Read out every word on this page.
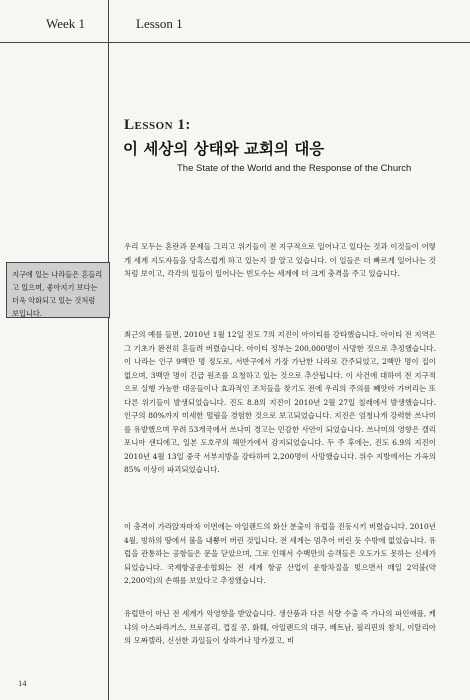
Week 1	Lesson 1
Lesson 1:
이 세상의 상태와 교회의 대응
The State of the World and the Response of the Church
지구에 있는 나라들은 흔들리고 있으며, 좋아지기 보다는 더욱 악화되고 있는 것처럼 보입니다.

우리 모두는 혼란과 문제들 그리고 위기들이 전 지구적으로 일어나고 있다는 것과 이것들이 어떻게 세계 지도자들을 당혹스럽게 하고 있는지 잘 알고 있습니다. 이 일들은 더 빠르게 일어나는 것처럼 보이고, 각각의 일들이 일어나는 빈도수는 세계에 더 크게 충격을 주고 있습니다.

최근의 예를 들면, 2010년 1월 12일 진도 7의 지진이 아이티를 강타했습니다. 아이티 전 지역은 그 기초가 완전히 흔들려 버렸습니다. 아이티 정부는 200,000명이 사망한 것으로 추정했습니다. 이 나라는 인구 9백만 명 정도로, 서반구에서 가장 가난한 나라로 간주되었고, 2백만 명이 집이 없으며, 3백만 명이 긴급 원조를 요청하고 있는 것으로 추산됩니다. 이 사건에 대하여 전 지구적으로 실행 가능한 대응들이나 효과적인 조치들을 찾기도 전에 우리의 주의를 빼앗아 가버리는 또 다른 위기들이 발생되었습니다. 진도 8.8의 지진이 2010년 2월 27일 칠레에서 발생했습니다. 인구의 80%까지 미세한 떨림을 경험한 것으로 보고되었습니다. 지진은 엄청나게 강력한 쓰나미를 유발했으며 무려 53개국에서 쓰나미 경고는 민감한 사안이 되었습니다. 쓰나미의 영향은 캘리포니아 샌디에고, 일본 도호쿠의 해안가에서 감지되었습니다. 두 주 후에는, 진도 6.9의 지진이 2010년 4월 13일 중국 서부지방을 강타하여 2,200명이 사망했습니다. 위수 지방에서는 가옥의 85% 이상이 파괴되었습니다.

이 충격이 가라앉자마자 이번에는 아일랜드의 화산 분출이 유럽을 진동시키 버렸습니다. 2010년 4월, 빙하의 땅에서 불을 내뿜어 버린 것입니다. 전 세계는 멈추어 버린 듯 수밖에 없었습니다. 유럽을 관통하는 공항들은 문을 닫았으며, 그로 인해서 수백만의 승객들은 오도가도 못하는 신세가 되었습니다. 국제항공운송협회는 전 세계 항공 산업이 운항차질을 빚으면서 매일 2억불(약 2,200억)의 손해를 보았다고 추정했습니다.

유럽만이 아닌 전 세계가 악영향을 받았습니다. 생산품과 다른 식량 수출 즉 가나의 파인애플, 케냐의 아스파라거스, 브로콜리, 껍질 콩, 화훼, 아일랜드의 대구, 베트남, 필리핀의 참치, 이탈리아의 모짜렐라, 신선한 과일들이 상하거나 망가졌고, 비

14
